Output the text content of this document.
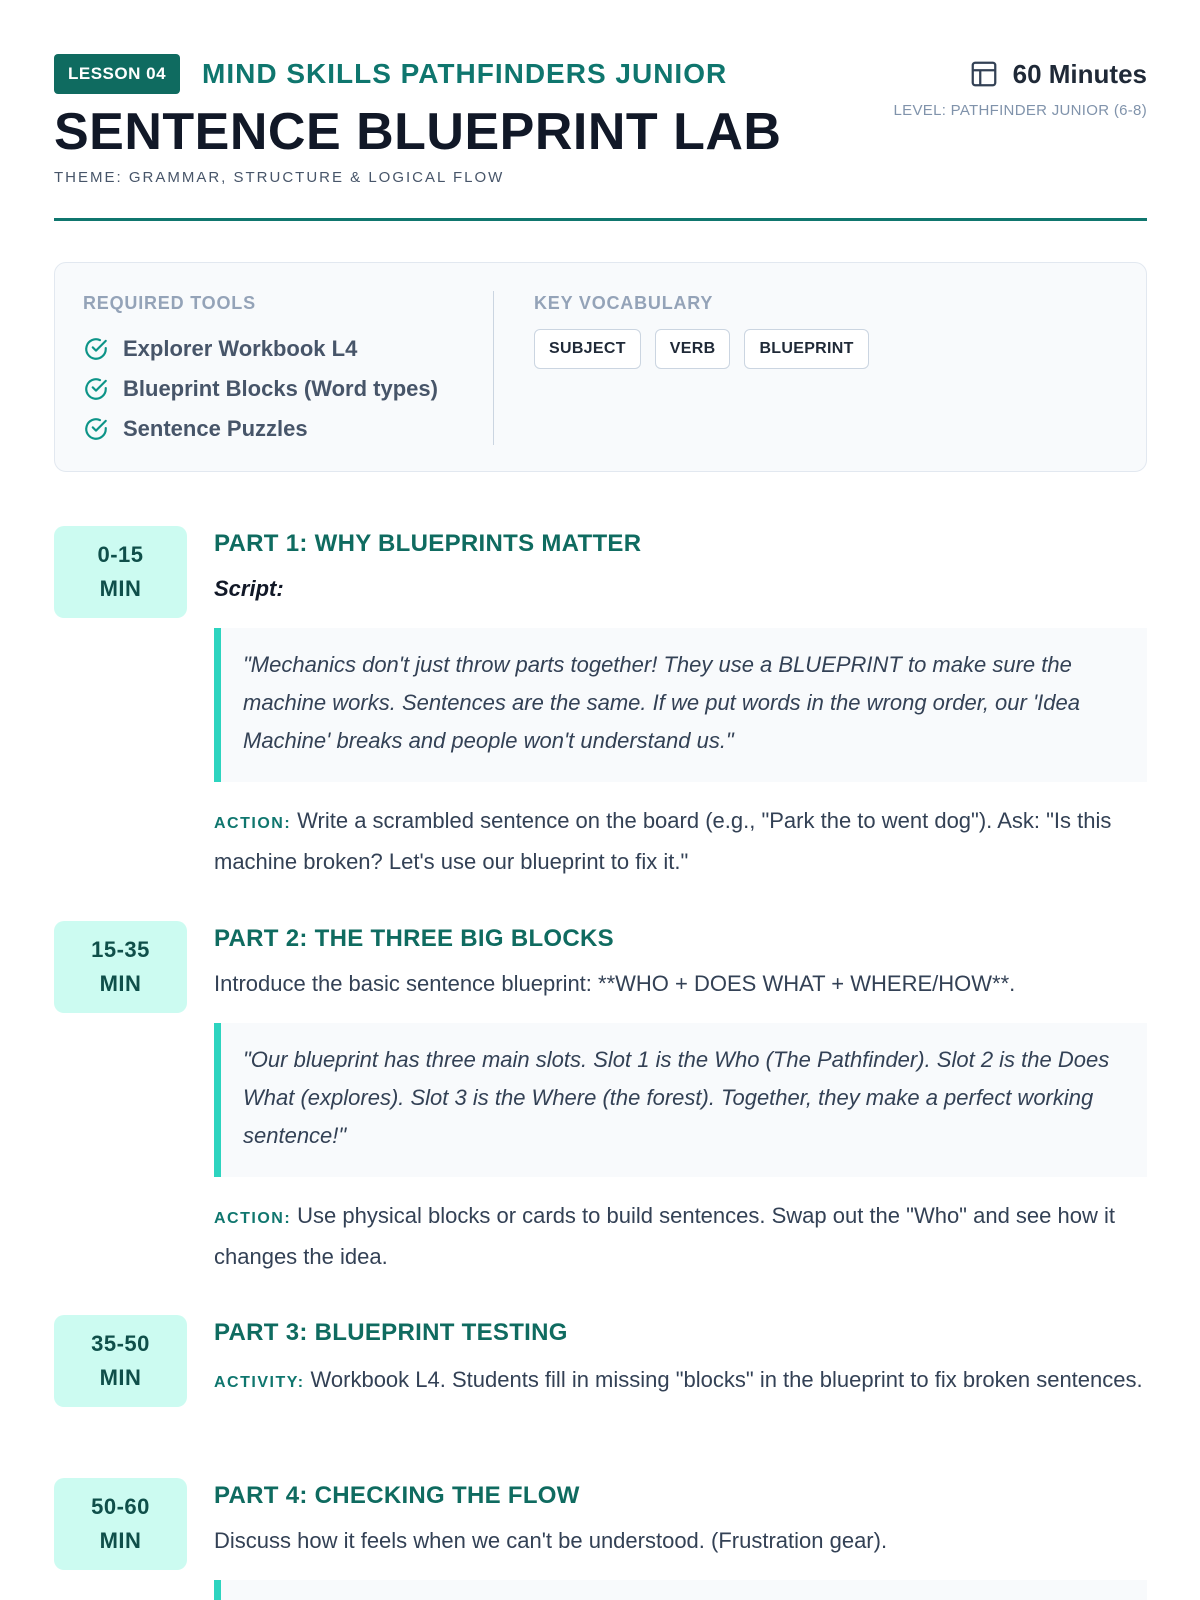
LESSON 04	MIND SKILLS PATHFINDERS JUNIOR
SENTENCE BLUEPRINT LAB
THEME: GRAMMAR, STRUCTURE & LOGICAL FLOW
60 Minutes
LEVEL: PATHFINDER JUNIOR (6-8)
REQUIRED TOOLS
Explorer Workbook L4
Blueprint Blocks (Word types)
Sentence Puzzles
KEY VOCABULARY
SUBJECT	VERB	BLUEPRINT
0-15
MIN
PART 1: WHY BLUEPRINTS MATTER
Script:
"Mechanics don't just throw parts together! They use a BLUEPRINT to make sure the machine works. Sentences are the same. If we put words in the wrong order, our 'Idea Machine' breaks and people won't understand us."
ACTION: Write a scrambled sentence on the board (e.g., "Park the to went dog"). Ask: "Is this machine broken? Let's use our blueprint to fix it."
15-35
MIN
PART 2: THE THREE BIG BLOCKS
Introduce the basic sentence blueprint: **WHO + DOES WHAT + WHERE/HOW**.
"Our blueprint has three main slots. Slot 1 is the Who (The Pathfinder). Slot 2 is the Does What (explores). Slot 3 is the Where (the forest). Together, they make a perfect working sentence!"
ACTION: Use physical blocks or cards to build sentences. Swap out the "Who" and see how it changes the idea.
35-50
MIN
PART 3: BLUEPRINT TESTING
ACTIVITY: Workbook L4. Students fill in missing "blocks" in the blueprint to fix broken sentences.
50-60
MIN
PART 4: CHECKING THE FLOW
Discuss how it feels when we can't be understood. (Frustration gear).
